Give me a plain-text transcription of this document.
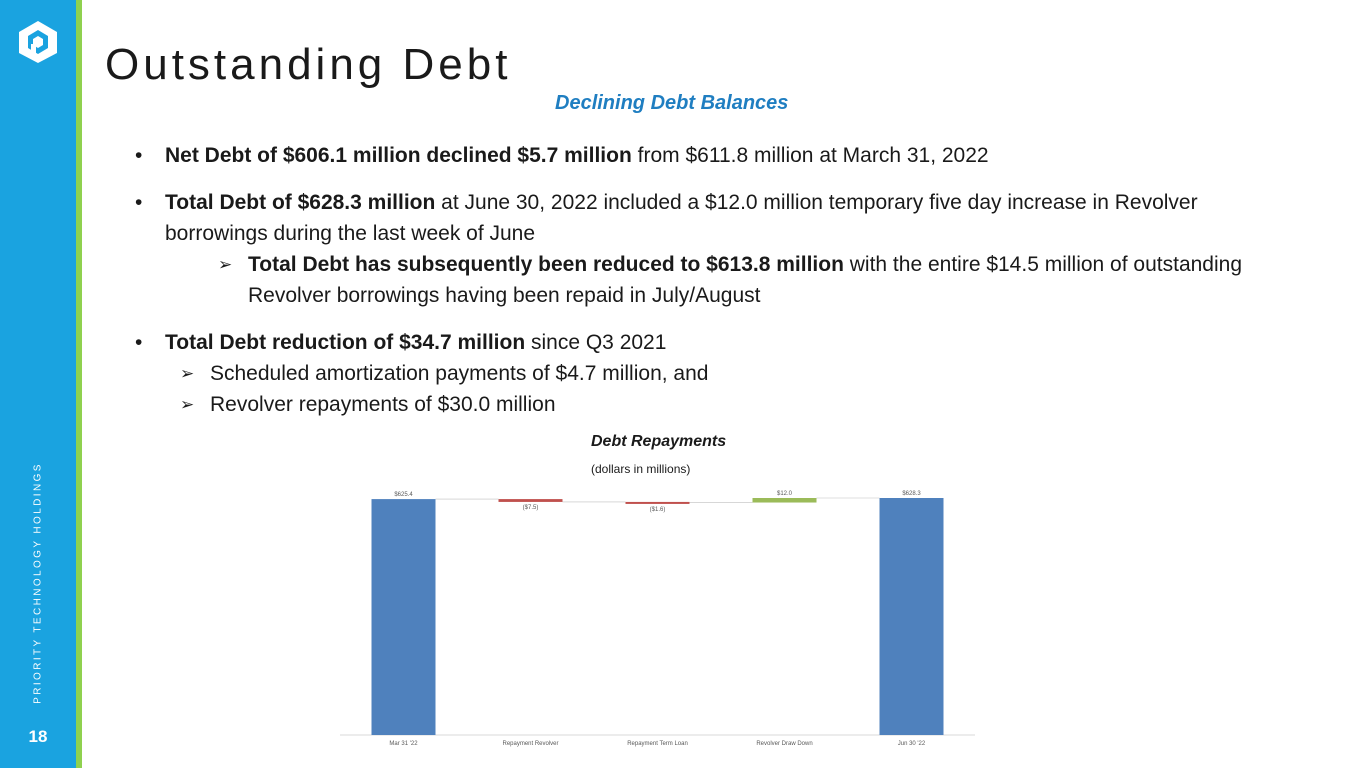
PRIORITY TECHNOLOGY HOLDINGS
18
Outstanding Debt
Declining Debt Balances
• Net Debt of $606.1 million declined $5.7 million from $611.8 million at March 31, 2022
• Total Debt of $628.3 million at June 30, 2022 included a $12.0 million temporary five day increase in Revolver borrowings during the last week of June
➢ Total Debt has subsequently been reduced to $613.8 million with the entire $14.5 million of outstanding Revolver borrowings having been repaid in July/August
• Total Debt reduction of $34.7 million since Q3 2021
➢ Scheduled amortization payments of $4.7 million, and
➢ Revolver repayments of $30.0 million
Debt Repayments
(dollars in millions)
$625.4
Mar 31 '22
($7.5)
Repayment Revolver
($1.6)
Repayment Term Loan
$12.0
Revolver Draw Down
$628.3
Jun 30 '22
